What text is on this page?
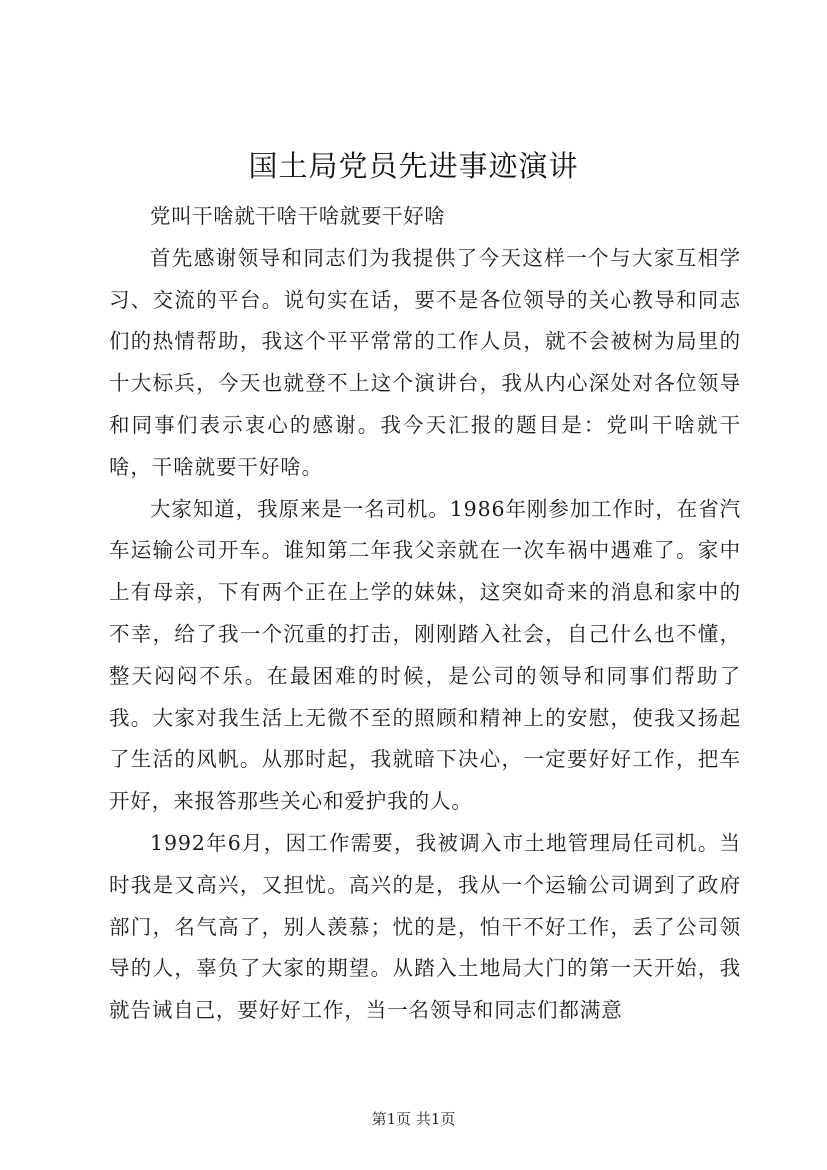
国土局党员先进事迹演讲

党叫干啥就干啥干啥就要干好啥

首先感谢领导和同志们为我提供了今天这样一个与大家互相学习、交流的平台。说句实在话，要不是各位领导的关心教导和同志们的热情帮助，我这个平平常常的工作人员，就不会被树为局里的十大标兵，今天也就登不上这个演讲台，我从内心深处对各位领导和同事们表示衷心的感谢。我今天汇报的题目是：党叫干啥就干啥，干啥就要干好啥。

大家知道，我原来是一名司机。1986年刚参加工作时，在省汽车运输公司开车。谁知第二年我父亲就在一次车祸中遇难了。家中上有母亲，下有两个正在上学的妹妹，这突如奇来的消息和家中的不幸，给了我一个沉重的打击，刚刚踏入社会，自己什么也不懂，整天闷闷不乐。在最困难的时候，是公司的领导和同事们帮助了我。大家对我生活上无微不至的照顾和精神上的安慰，使我又扬起了生活的风帆。从那时起，我就暗下决心，一定要好好工作，把车开好，来报答那些关心和爱护我的人。

1992年6月，因工作需要，我被调入市土地管理局任司机。当时我是又高兴，又担忧。高兴的是，我从一个运输公司调到了政府部门，名气高了，别人羡慕；忧的是，怕干不好工作，丢了公司领导的人，辜负了大家的期望。从踏入土地局大门的第一天开始，我就告诫自己，要好好工作，当一名领导和同志们都满意

第1页 共1页
